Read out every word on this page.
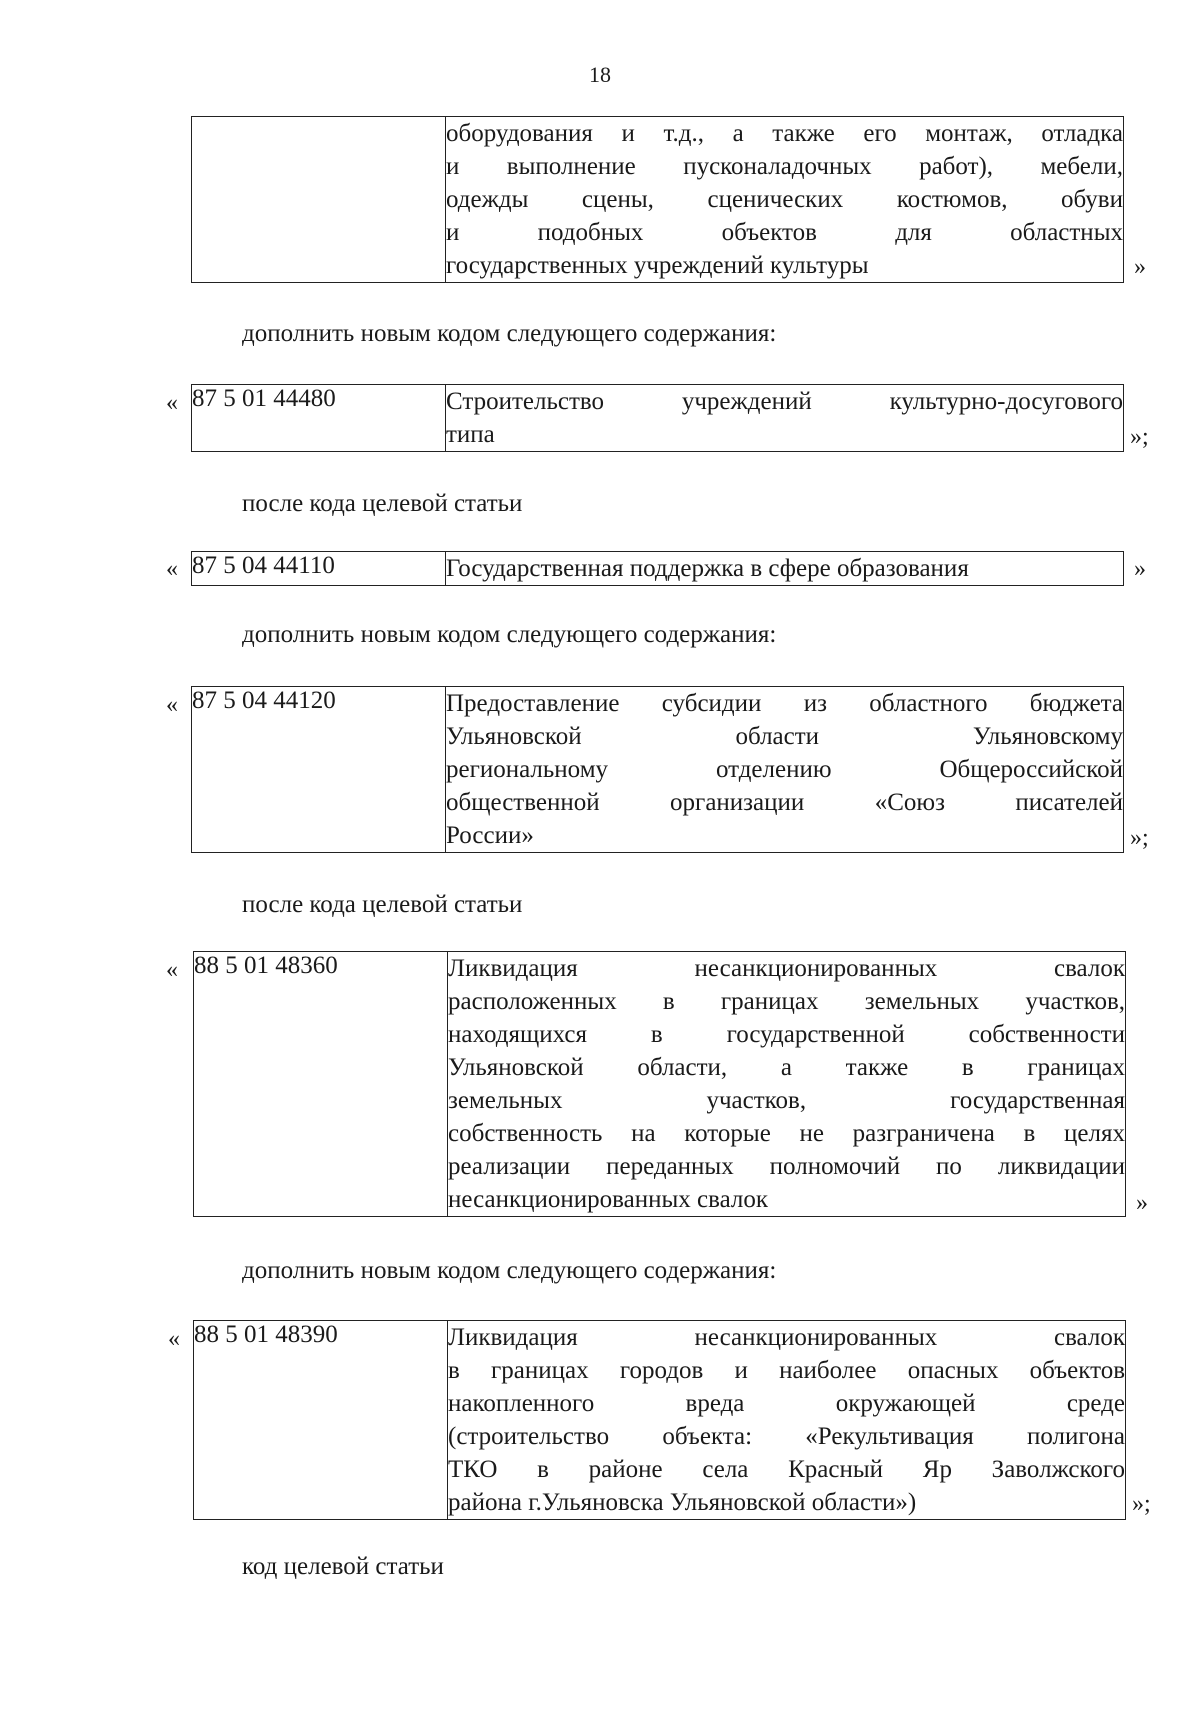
18

оборудования и т.д., а также его монтаж, отладка
и выполнение пусконаладочных работ), мебели,
одежды сцены, сценических костюмов, обуви
и подобных объектов для областных
государственных учреждений культуры	»
дополнить новым кодом следующего содержания:
« 87 5 01 44480	Строительство учреждений культурно-досугового
типа	»;
после кода целевой статьи
« 87 5 04 44110	Государственная поддержка в сфере образования	»
дополнить новым кодом следующего содержания:
« 87 5 04 44120	Предоставление субсидии из областного бюджета
Ульяновской области Ульяновскому
региональному отделению Общероссийской
общественной организации «Союз писателей
России»	»;
после кода целевой статьи
« 88 5 01 48360	Ликвидация несанкционированных свалок
расположенных в границах земельных участков,
находящихся в государственной собственности
Ульяновской области, а также в границах
земельных участков, государственная
собственность на которые не разграничена в целях
реализации переданных полномочий по ликвидации
несанкционированных свалок	»
дополнить новым кодом следующего содержания:
« 88 5 01 48390	Ликвидация несанкционированных свалок
в границах городов и наиболее опасных объектов
накопленного вреда окружающей среде
(строительство объекта: «Рекультивация полигона
ТКО в районе села Красный Яр Заволжского
района г.Ульяновска Ульяновской области»)	»;
код целевой статьи
